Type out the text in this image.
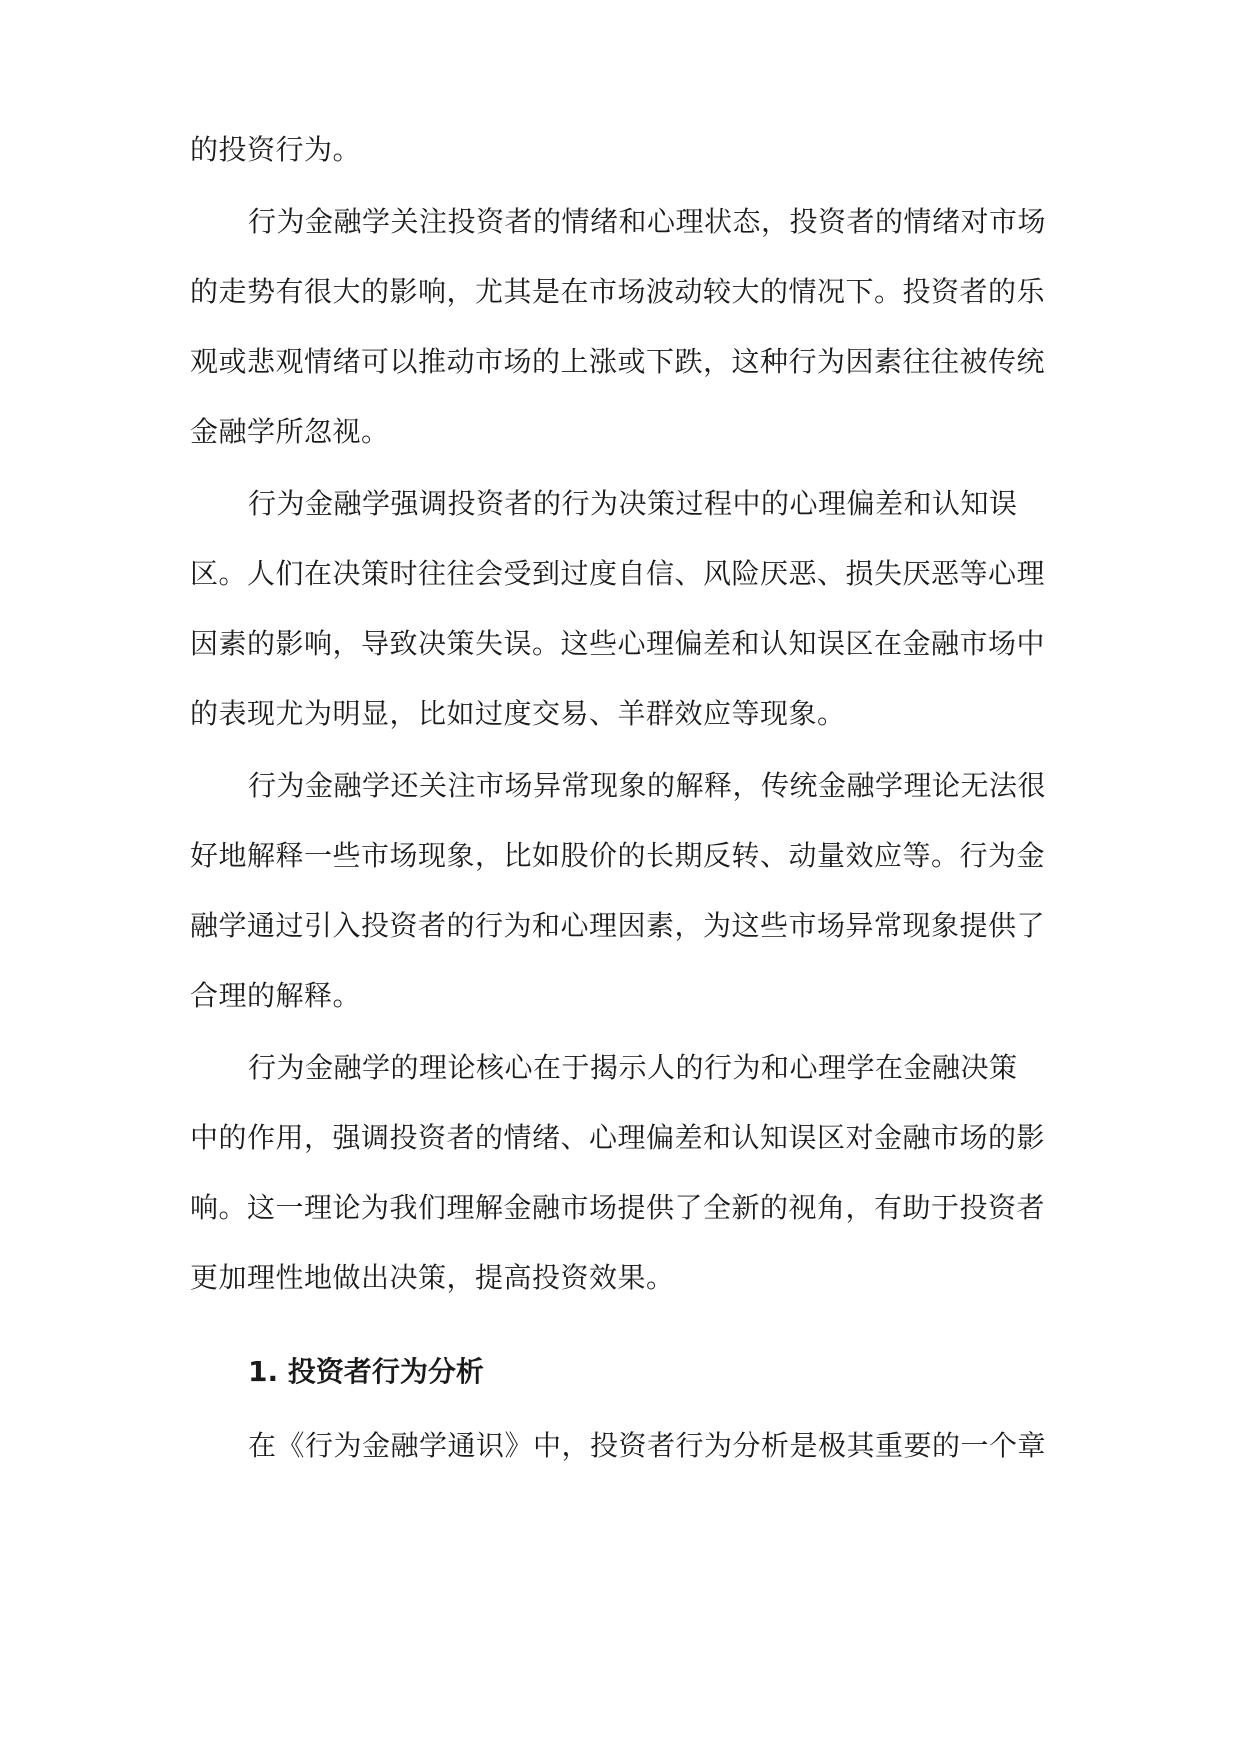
的投资行为。
行为金融学关注投资者的情绪和心理状态，投资者的情绪对市场
的走势有很大的影响，尤其是在市场波动较大的情况下。投资者的乐
观或悲观情绪可以推动市场的上涨或下跌，这种行为因素往往被传统
金融学所忽视。
行为金融学强调投资者的行为决策过程中的心理偏差和认知误
区。人们在决策时往往会受到过度自信、风险厌恶、损失厌恶等心理
因素的影响，导致决策失误。这些心理偏差和认知误区在金融市场中
的表现尤为明显，比如过度交易、羊群效应等现象。
行为金融学还关注市场异常现象的解释，传统金融学理论无法很
好地解释一些市场现象，比如股价的长期反转、动量效应等。行为金
融学通过引入投资者的行为和心理因素，为这些市场异常现象提供了
合理的解释。
行为金融学的理论核心在于揭示人的行为和心理学在金融决策
中的作用，强调投资者的情绪、心理偏差和认知误区对金融市场的影
响。这一理论为我们理解金融市场提供了全新的视角，有助于投资者
更加理性地做出决策，提高投资效果。
1. 投资者行为分析
在《行为金融学通识》中，投资者行为分析是极其重要的一个章
